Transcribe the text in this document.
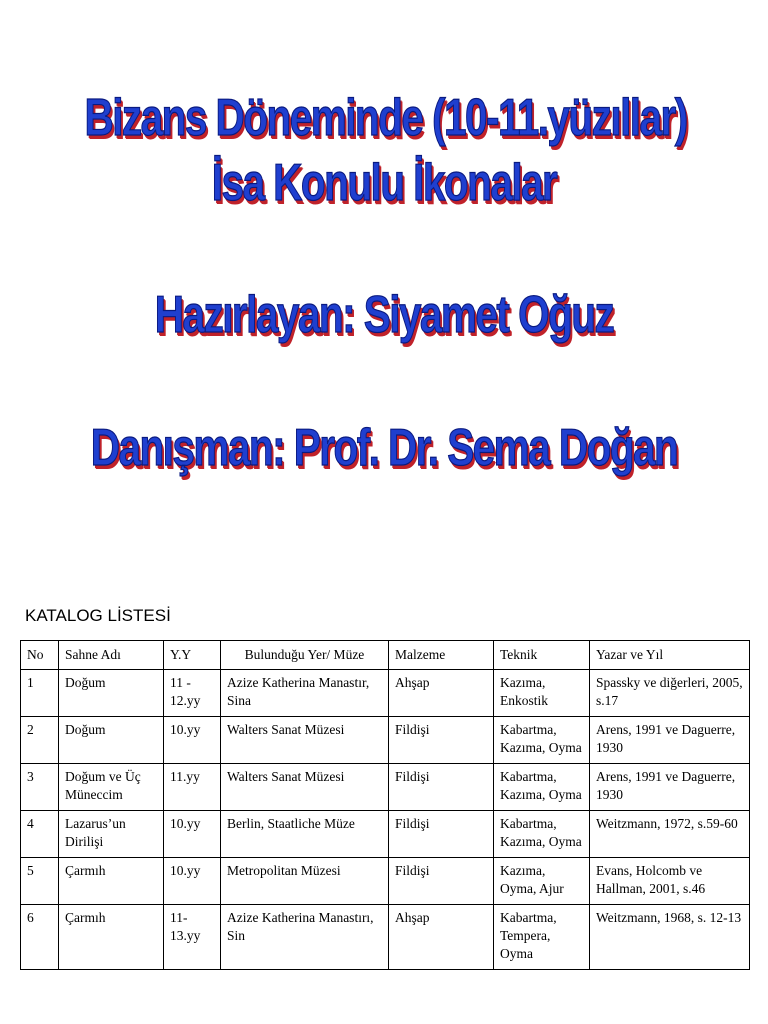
Bizans Döneminde (10-11.yüzıllar)
İsa Konulu İkonalar
Hazırlayan: Siyamet Oğuz
Danışman: Prof. Dr. Sema Doğan
KATALOG LİSTESİ
No	Sahne Adı	Y.Y	Bulunduğu Yer/ Müze	Malzeme	Teknik	Yazar ve Yıl
1	Doğum	11 - 12.yy	Azize Katherina Manastır, Sina	Ahşap	Kazıma, Enkostik	Spassky ve diğerleri, 2005, s.17
2	Doğum	10.yy	Walters Sanat Müzesi	Fildişi	Kabartma, Kazıma, Oyma	Arens, 1991 ve Daguerre, 1930
3	Doğum ve Üç Müneccim	11.yy	Walters Sanat Müzesi	Fildişi	Kabartma, Kazıma, Oyma	Arens, 1991 ve Daguerre, 1930
4	Lazarus’un Dirilişi	10.yy	Berlin, Staatliche Müze	Fildişi	Kabartma, Kazıma, Oyma	Weitzmann, 1972, s.59-60
5	Çarmıh	10.yy	Metropolitan Müzesi	Fildişi	Kazıma, Oyma, Ajur	Evans, Holcomb ve Hallman, 2001, s.46
6	Çarmıh	11- 13.yy	Azize Katherina Manastırı, Sin	Ahşap	Kabartma, Tempera, Oyma	Weitzmann, 1968, s. 12-13
